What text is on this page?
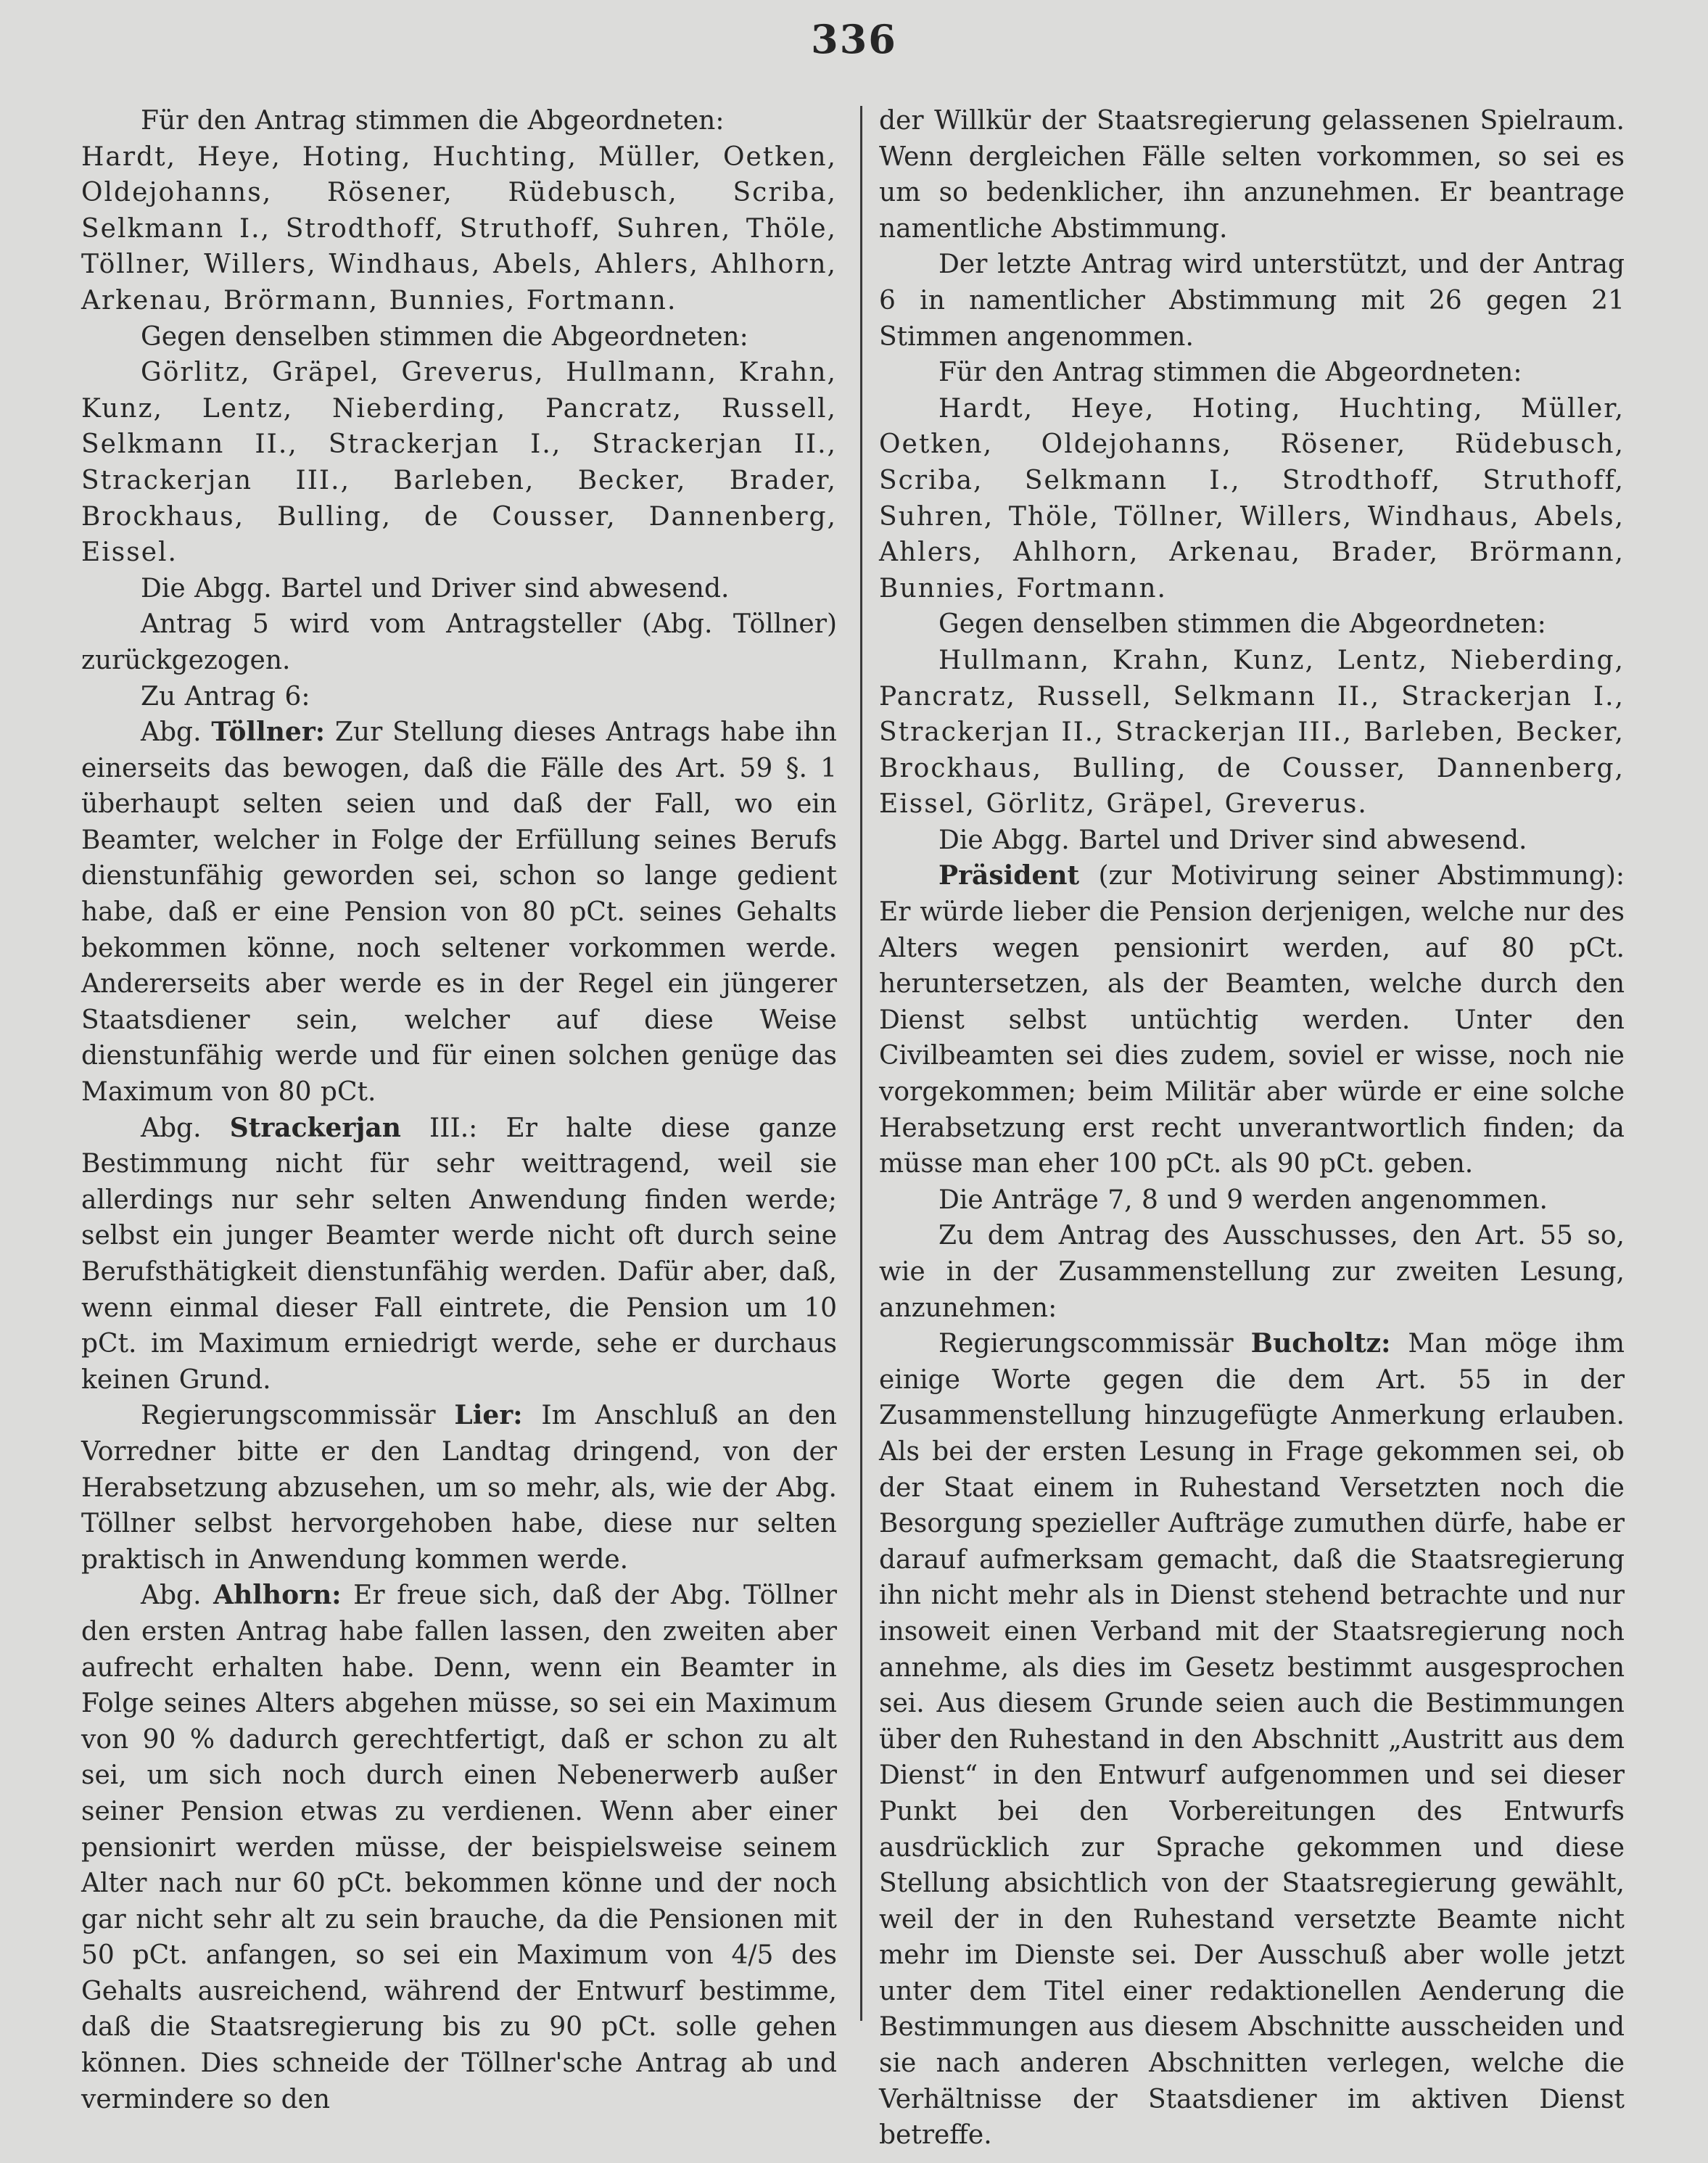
336

Für den Antrag stimmen die Abgeordneten:

Hardt, Heye, Hoting, Huchting, Müller, Oetken, Oldejohanns, Rösener, Rüdebusch, Scriba, Selkmann I., Strodthoff, Struthoff, Suhren, Thöle, Töllner, Willers, Windhaus, Abels, Ahlers, Ahlhorn, Arkenau, Brörmann, Bunnies, Fortmann.

Gegen denselben stimmen die Abgeordneten:

Görlitz, Gräpel, Greverus, Hullmann, Krahn, Kunz, Lentz, Nieberding, Pancratz, Russell, Selkmann II., Strackerjan I., Strackerjan II., Strackerjan III., Barleben, Becker, Brader, Brockhaus, Bulling, de Cousser, Dannenberg, Eissel.

Die Abgg. Bartel und Driver sind abwesend.

Antrag 5 wird vom Antragsteller (Abg. Töllner) zurückgezogen.

Zu Antrag 6:

Abg. Töllner: Zur Stellung dieses Antrags habe ihn einerseits das bewogen, daß die Fälle des Art. 59 §. 1 überhaupt selten seien und daß der Fall, wo ein Beamter, welcher in Folge der Erfüllung seines Berufs dienstunfähig geworden sei, schon so lange gedient habe, daß er eine Pension von 80 pCt. seines Gehalts bekommen könne, noch seltener vorkommen werde. Andererseits aber werde es in der Regel ein jüngerer Staatsdiener sein, welcher auf diese Weise dienstunfähig werde und für einen solchen genüge das Maximum von 80 pCt.

Abg. Strackerjan III.: Er halte diese ganze Bestimmung nicht für sehr weittragend, weil sie allerdings nur sehr selten Anwendung finden werde; selbst ein junger Beamter werde nicht oft durch seine Berufsthätigkeit dienstunfähig werden. Dafür aber, daß, wenn einmal dieser Fall eintrete, die Pension um 10 pCt. im Maximum erniedrigt werde, sehe er durchaus keinen Grund.

Regierungscommissär Lier: Im Anschluß an den Vorredner bitte er den Landtag dringend, von der Herabsetzung abzusehen, um so mehr, als, wie der Abg. Töllner selbst hervorgehoben habe, diese nur selten praktisch in Anwendung kommen werde.

Abg. Ahlhorn: Er freue sich, daß der Abg. Töllner den ersten Antrag habe fallen lassen, den zweiten aber aufrecht erhalten habe. Denn, wenn ein Beamter in Folge seines Alters abgehen müsse, so sei ein Maximum von 90 % dadurch gerechtfertigt, daß er schon zu alt sei, um sich noch durch einen Nebenerwerb außer seiner Pension etwas zu verdienen. Wenn aber einer pensionirt werden müsse, der beispielsweise seinem Alter nach nur 60 pCt. bekommen könne und der noch gar nicht sehr alt zu sein brauche, da die Pensionen mit 50 pCt. anfangen, so sei ein Maximum von 4/5 des Gehalts ausreichend, während der Entwurf bestimme, daß die Staatsregierung bis zu 90 pCt. solle gehen können. Dies schneide der Töllner'sche Antrag ab und vermindere so den

der Willkür der Staatsregierung gelassenen Spielraum. Wenn dergleichen Fälle selten vorkommen, so sei es um so bedenklicher, ihn anzunehmen. Er beantrage namentliche Abstimmung.

Der letzte Antrag wird unterstützt, und der Antrag 6 in namentlicher Abstimmung mit 26 gegen 21 Stimmen angenommen.

Für den Antrag stimmen die Abgeordneten:

Hardt, Heye, Hoting, Huchting, Müller, Oetken, Oldejohanns, Rösener, Rüdebusch, Scriba, Selkmann I., Strodthoff, Struthoff, Suhren, Thöle, Töllner, Willers, Windhaus, Abels, Ahlers, Ahlhorn, Arkenau, Brader, Brörmann, Bunnies, Fortmann.

Gegen denselben stimmen die Abgeordneten:

Hullmann, Krahn, Kunz, Lentz, Nieberding, Pancratz, Russell, Selkmann II., Strackerjan I., Strackerjan II., Strackerjan III., Barleben, Becker, Brockhaus, Bulling, de Cousser, Dannenberg, Eissel, Görlitz, Gräpel, Greverus.

Die Abgg. Bartel und Driver sind abwesend.

Präsident (zur Motivirung seiner Abstimmung): Er würde lieber die Pension derjenigen, welche nur des Alters wegen pensionirt werden, auf 80 pCt. heruntersetzen, als der Beamten, welche durch den Dienst selbst untüchtig werden. Unter den Civilbeamten sei dies zudem, soviel er wisse, noch nie vorgekommen; beim Militär aber würde er eine solche Herabsetzung erst recht unverantwortlich finden; da müsse man eher 100 pCt. als 90 pCt. geben.

Die Anträge 7, 8 und 9 werden angenommen.

Zu dem Antrag des Ausschusses, den Art. 55 so, wie in der Zusammenstellung zur zweiten Lesung, anzunehmen:

Regierungscommissär Bucholtz: Man möge ihm einige Worte gegen die dem Art. 55 in der Zusammenstellung hinzugefügte Anmerkung erlauben. Als bei der ersten Lesung in Frage gekommen sei, ob der Staat einem in Ruhestand Versetzten noch die Besorgung spezieller Aufträge zumuthen dürfe, habe er darauf aufmerksam gemacht, daß die Staatsregierung ihn nicht mehr als in Dienst stehend betrachte und nur insoweit einen Verband mit der Staatsregierung noch annehme, als dies im Gesetz bestimmt ausgesprochen sei. Aus diesem Grunde seien auch die Bestimmungen über den Ruhestand in den Abschnitt „Austritt aus dem Dienst“ in den Entwurf aufgenommen und sei dieser Punkt bei den Vorbereitungen des Entwurfs ausdrücklich zur Sprache gekommen und diese Stellung absichtlich von der Staatsregierung gewählt, weil der in den Ruhestand versetzte Beamte nicht mehr im Dienste sei. Der Ausschuß aber wolle jetzt unter dem Titel einer redaktionellen Aenderung die Bestimmungen aus diesem Abschnitte ausscheiden und sie nach anderen Abschnitten verlegen, welche die Verhältnisse der Staatsdiener im aktiven Dienst betreffe.
